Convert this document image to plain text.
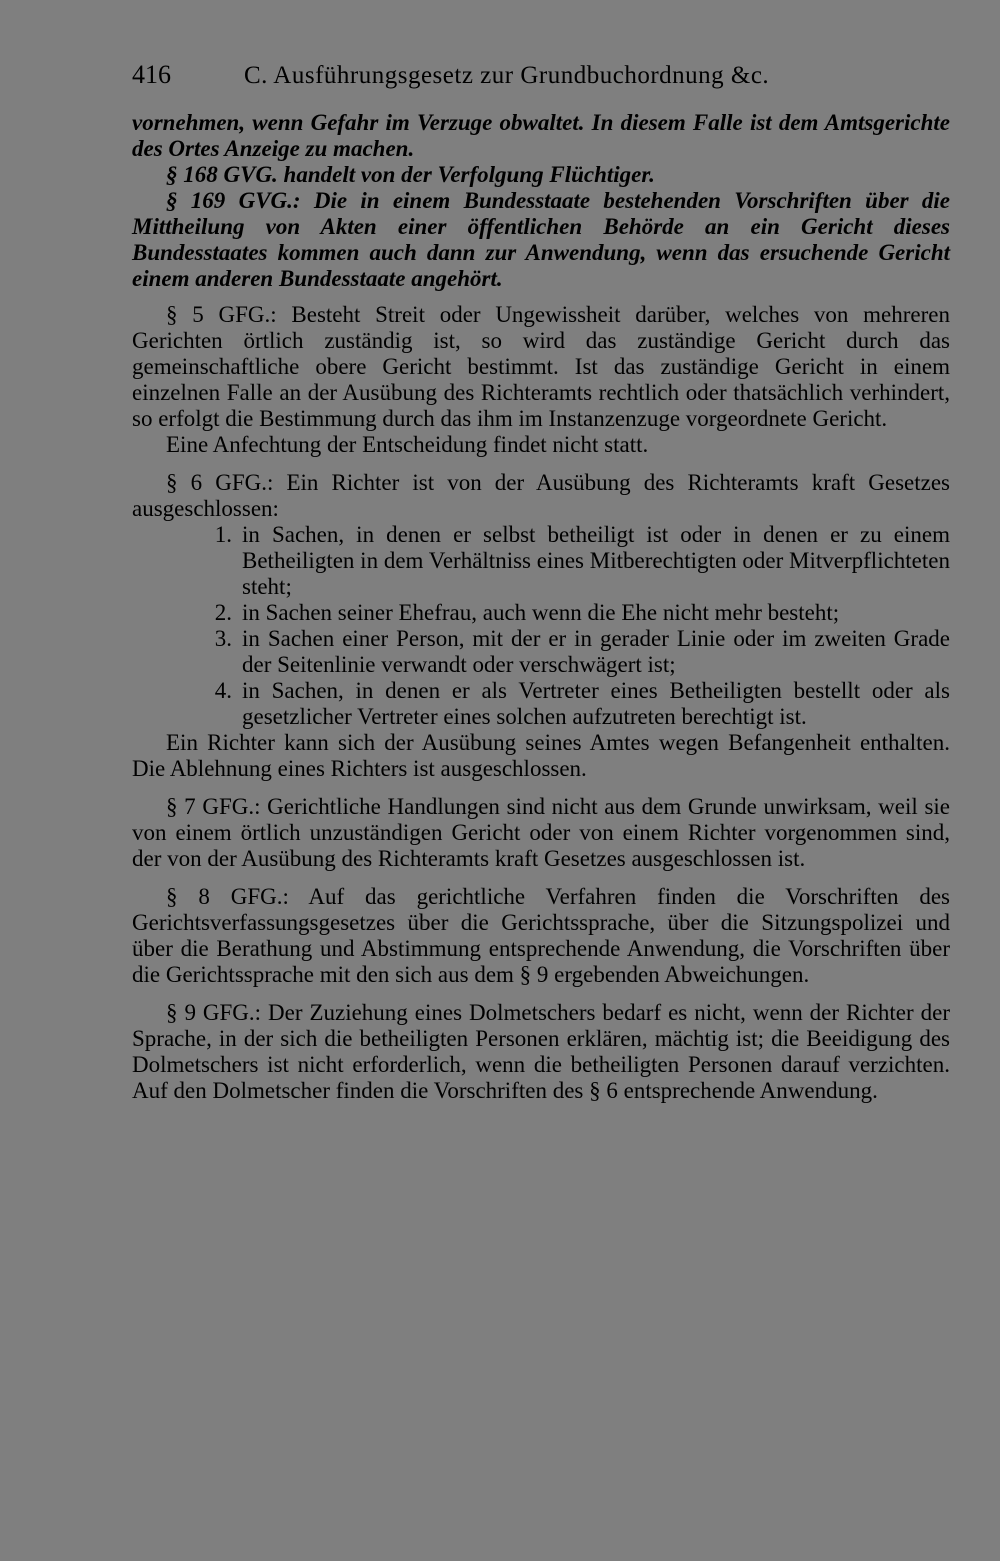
416	C. Ausführungsgesetz zur Grundbuchordnung &c.

vornehmen, wenn Gefahr im Verzuge obwaltet. In diesem Falle ist dem Amtsgerichte des Ortes Anzeige zu machen.

§ 168 GVG. handelt von der Verfolgung Flüchtiger.

§ 169 GVG.: Die in einem Bundesstaate bestehenden Vorschriften über die Mittheilung von Akten einer öffentlichen Behörde an ein Gericht dieses Bundesstaates kommen auch dann zur Anwendung, wenn das ersuchende Gericht einem anderen Bundesstaate angehört.

§ 5 GFG.: Besteht Streit oder Ungewissheit darüber, welches von mehreren Gerichten örtlich zuständig ist, so wird das zuständige Gericht durch das gemeinschaftliche obere Gericht bestimmt. Ist das zuständige Gericht in einem einzelnen Falle an der Ausübung des Richteramts rechtlich oder thatsächlich verhindert, so erfolgt die Bestimmung durch das ihm im Instanzenzuge vorgeordnete Gericht.

Eine Anfechtung der Entscheidung findet nicht statt.

§ 6 GFG.: Ein Richter ist von der Ausübung des Richteramts kraft Gesetzes ausgeschlossen:

1. in Sachen, in denen er selbst betheiligt ist oder in denen er zu einem Betheiligten in dem Verhältniss eines Mitberechtigten oder Mitverpflichteten steht;
2. in Sachen seiner Ehefrau, auch wenn die Ehe nicht mehr besteht;
3. in Sachen einer Person, mit der er in gerader Linie oder im zweiten Grade der Seitenlinie verwandt oder verschwägert ist;
4. in Sachen, in denen er als Vertreter eines Betheiligten bestellt oder als gesetzlicher Vertreter eines solchen aufzutreten berechtigt ist.

Ein Richter kann sich der Ausübung seines Amtes wegen Befangenheit enthalten. Die Ablehnung eines Richters ist ausgeschlossen.

§ 7 GFG.: Gerichtliche Handlungen sind nicht aus dem Grunde unwirksam, weil sie von einem örtlich unzuständigen Gericht oder von einem Richter vorgenommen sind, der von der Ausübung des Richteramts kraft Gesetzes ausgeschlossen ist.

§ 8 GFG.: Auf das gerichtliche Verfahren finden die Vorschriften des Gerichtsverfassungsgesetzes über die Gerichtssprache, über die Sitzungspolizei und über die Berathung und Abstimmung entsprechende Anwendung, die Vorschriften über die Gerichtssprache mit den sich aus dem § 9 ergebenden Abweichungen.

§ 9 GFG.: Der Zuziehung eines Dolmetschers bedarf es nicht, wenn der Richter der Sprache, in der sich die betheiligten Personen erklären, mächtig ist; die Beeidigung des Dolmetschers ist nicht erforderlich, wenn die betheiligten Personen darauf verzichten. Auf den Dolmetscher finden die Vorschriften des § 6 entsprechende Anwendung.
